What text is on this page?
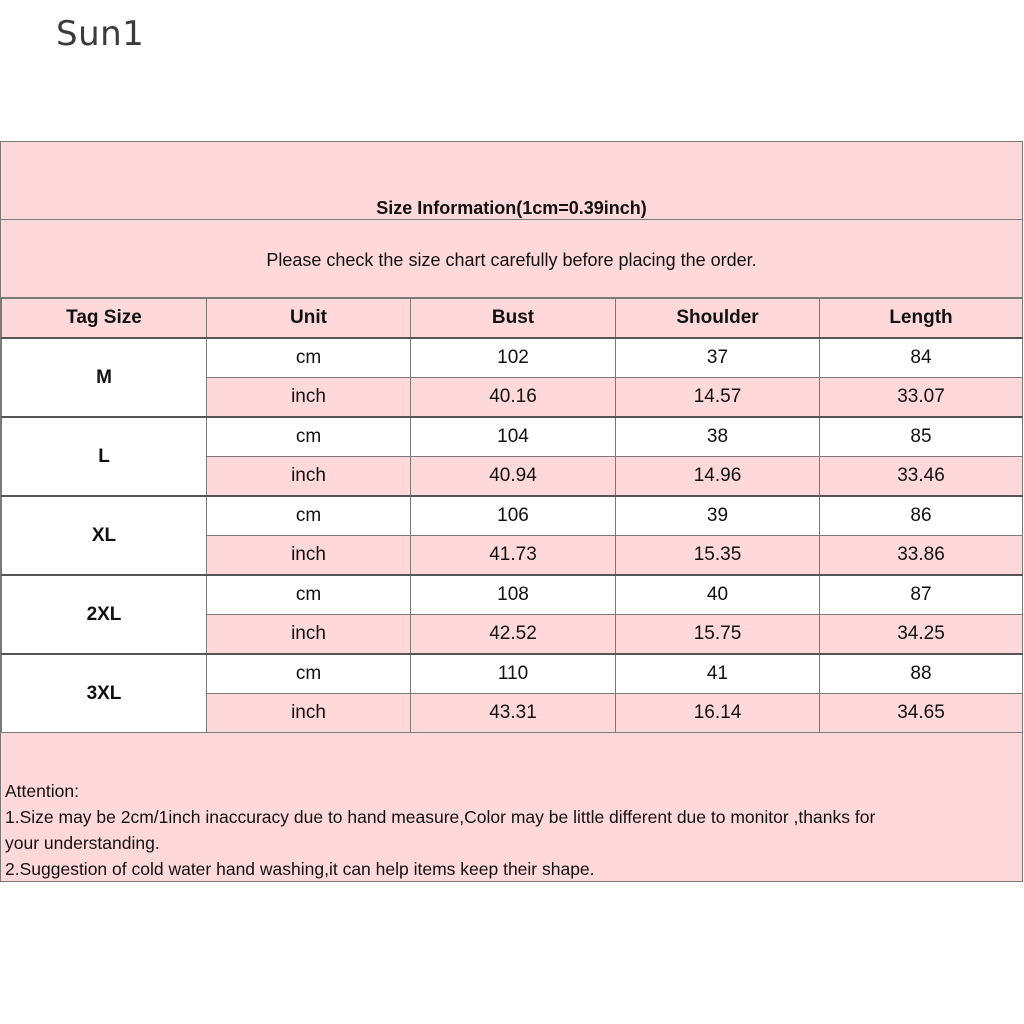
Sun1
Size Information(1cm=0.39inch)
Please check the size chart carefully before placing the order.
Tag Size	Unit	Bust	Shoulder	Length
M	cm	102	37	84
	inch	40.16	14.57	33.07
L	cm	104	38	85
	inch	40.94	14.96	33.46
XL	cm	106	39	86
	inch	41.73	15.35	33.86
2XL	cm	108	40	87
	inch	42.52	15.75	34.25
3XL	cm	110	41	88
	inch	43.31	16.14	34.65
Attention:
1.Size may be 2cm/1inch inaccuracy due to hand measure,Color may be little different due to monitor ,thanks for
your understanding.
2.Suggestion of cold water hand washing,it can help items keep their shape.
